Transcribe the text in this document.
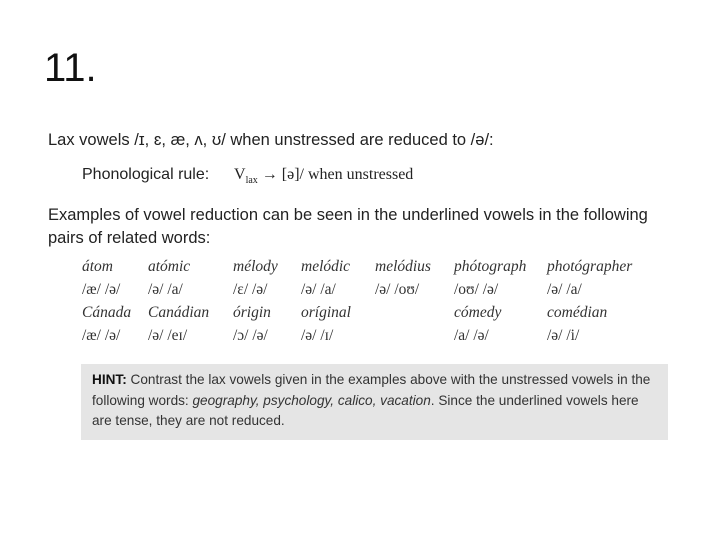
11.
Lax vowels /ɪ, ɛ, æ, ʌ, ʊ/ when unstressed are reduced to /ə/:
Phonological rule:	$V_{lax}$ → [ə]/ when unstressed
Examples of vowel reduction can be seen in the underlined vowels in the following pairs of related words:
átom	atómic	mélody	melódic	melódius	phótograph	photógrapher
/æ/ /ə/	/ə/ /a/	/ɛ/ /ə/	/ə/ /a/	/ə/ /oʊ/	/oʊ/ /ə/	/ə/ /a/
Cánada	Canádian	órigin	oríginal		cómedy	comédian
/æ/ /ə/	/ə/ /eɪ/	/ɔ/ /ə/	/ə/ /ɪ/		/a/ /ə/	/ə/ /i/
HINT: Contrast the lax vowels given in the examples above with the unstressed vowels in the following words: geography, psychology, calico, vacation. Since the underlined vowels here are tense, they are not reduced.
